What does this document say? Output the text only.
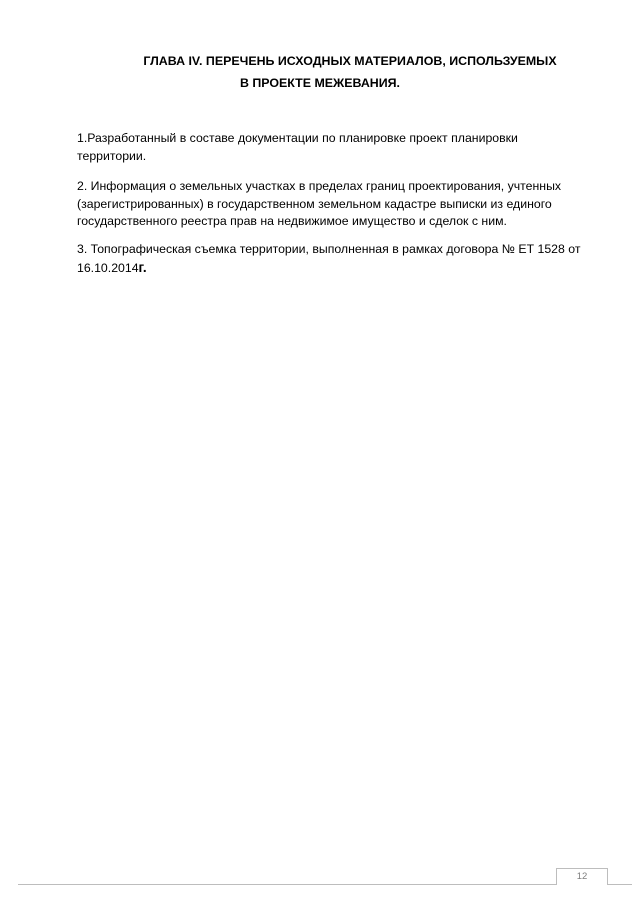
ГЛАВА IV. ПЕРЕЧЕНЬ ИСХОДНЫХ МАТЕРИАЛОВ, ИСПОЛЬЗУЕМЫХ
В ПРОЕКТЕ МЕЖЕВАНИЯ.
1.Разработанный в составе документации по планировке проект планировки
территории.
2. Информация о земельных участках в пределах границ проектирования, учтенных
(зарегистрированных) в государственном земельном кадастре выписки из единого
государственного реестра прав на недвижимое имущество и сделок с ним.
3. Топографическая съемка территории, выполненная в рамках договора № ЕТ 1528 от
16.10.2014г.
12
